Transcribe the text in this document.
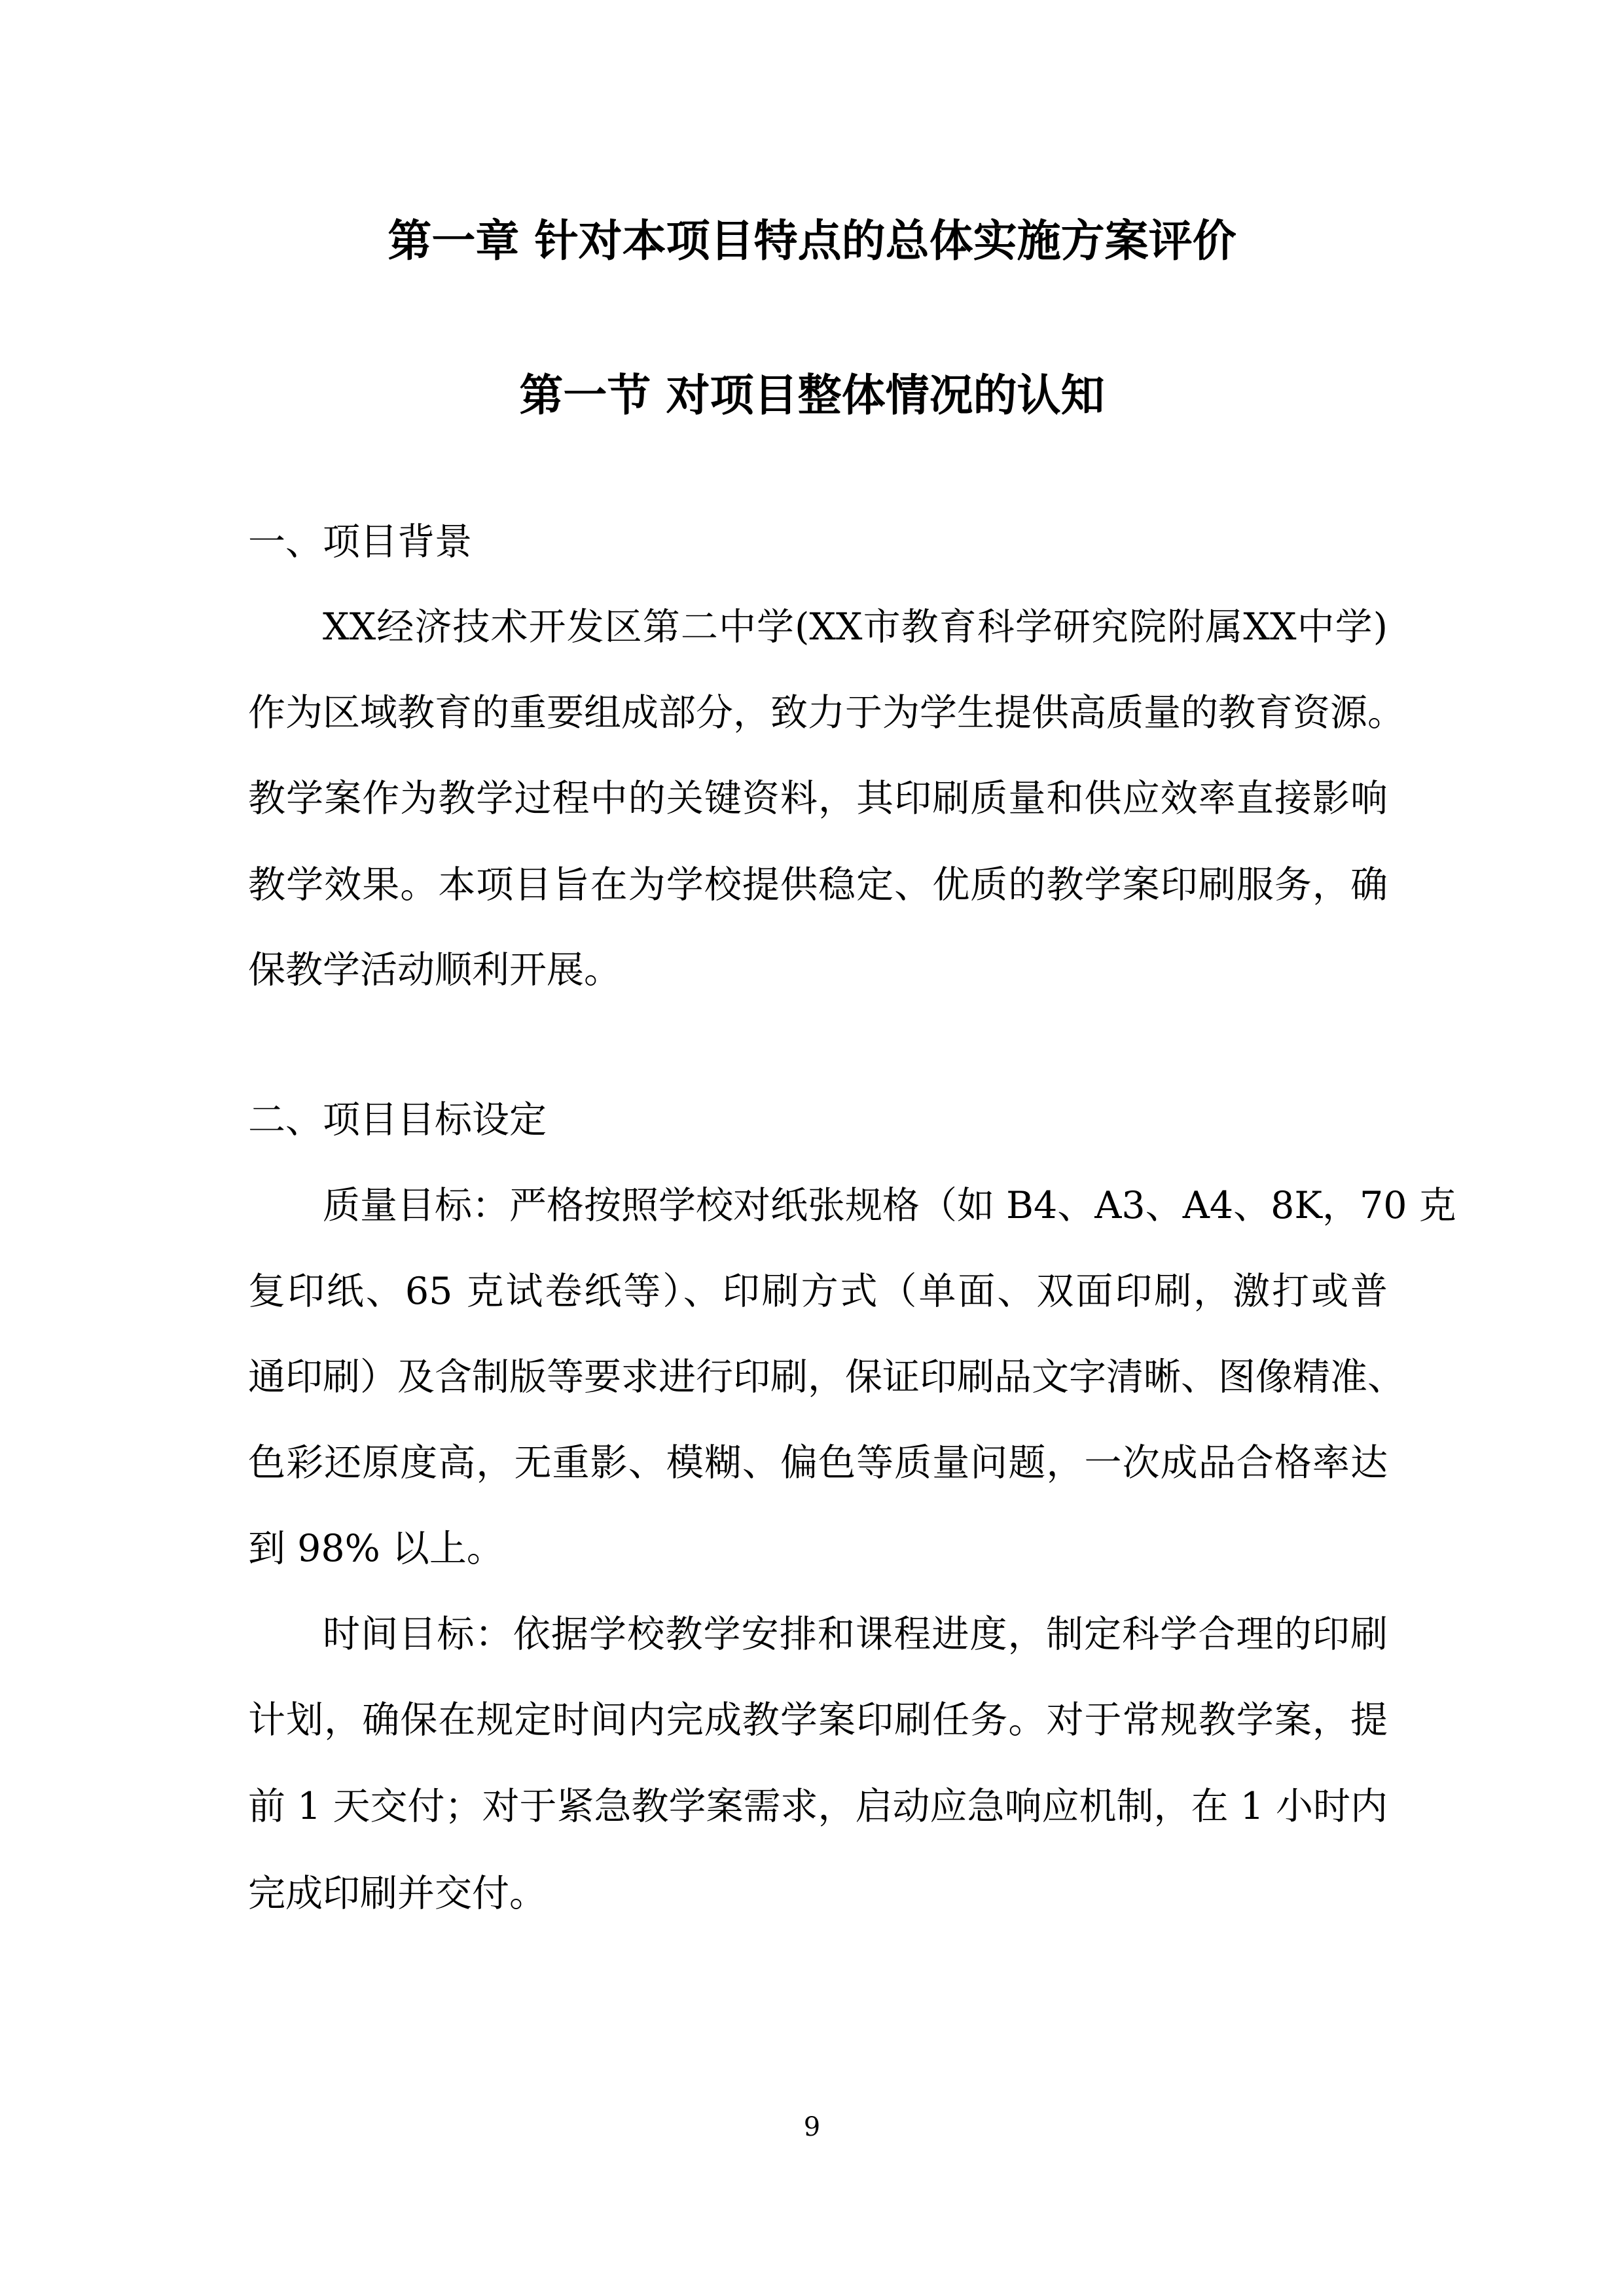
第一章 针对本项目特点的总体实施方案评价
第一节 对项目整体情况的认知
一、项目背景
XX经济技术开发区第二中学(XX市教育科学研究院附属XX中学)
作为区域教育的重要组成部分，致力于为学生提供高质量的教育资源。
教学案作为教学过程中的关键资料，其印刷质量和供应效率直接影响
教学效果。本项目旨在为学校提供稳定、优质的教学案印刷服务，确
保教学活动顺利开展。
二、项目目标设定
质量目标：严格按照学校对纸张规格（如 B4、A3、A4、8K，70 克
复印纸、65 克试卷纸等）、印刷方式（单面、双面印刷，激打或普
通印刷）及含制版等要求进行印刷，保证印刷品文字清晰、图像精准、
色彩还原度高，无重影、模糊、偏色等质量问题，一次成品合格率达
到 98% 以上。
时间目标：依据学校教学安排和课程进度，制定科学合理的印刷
计划，确保在规定时间内完成教学案印刷任务。对于常规教学案，提
前 1 天交付；对于紧急教学案需求，启动应急响应机制，在 1 小时内
完成印刷并交付。
9
